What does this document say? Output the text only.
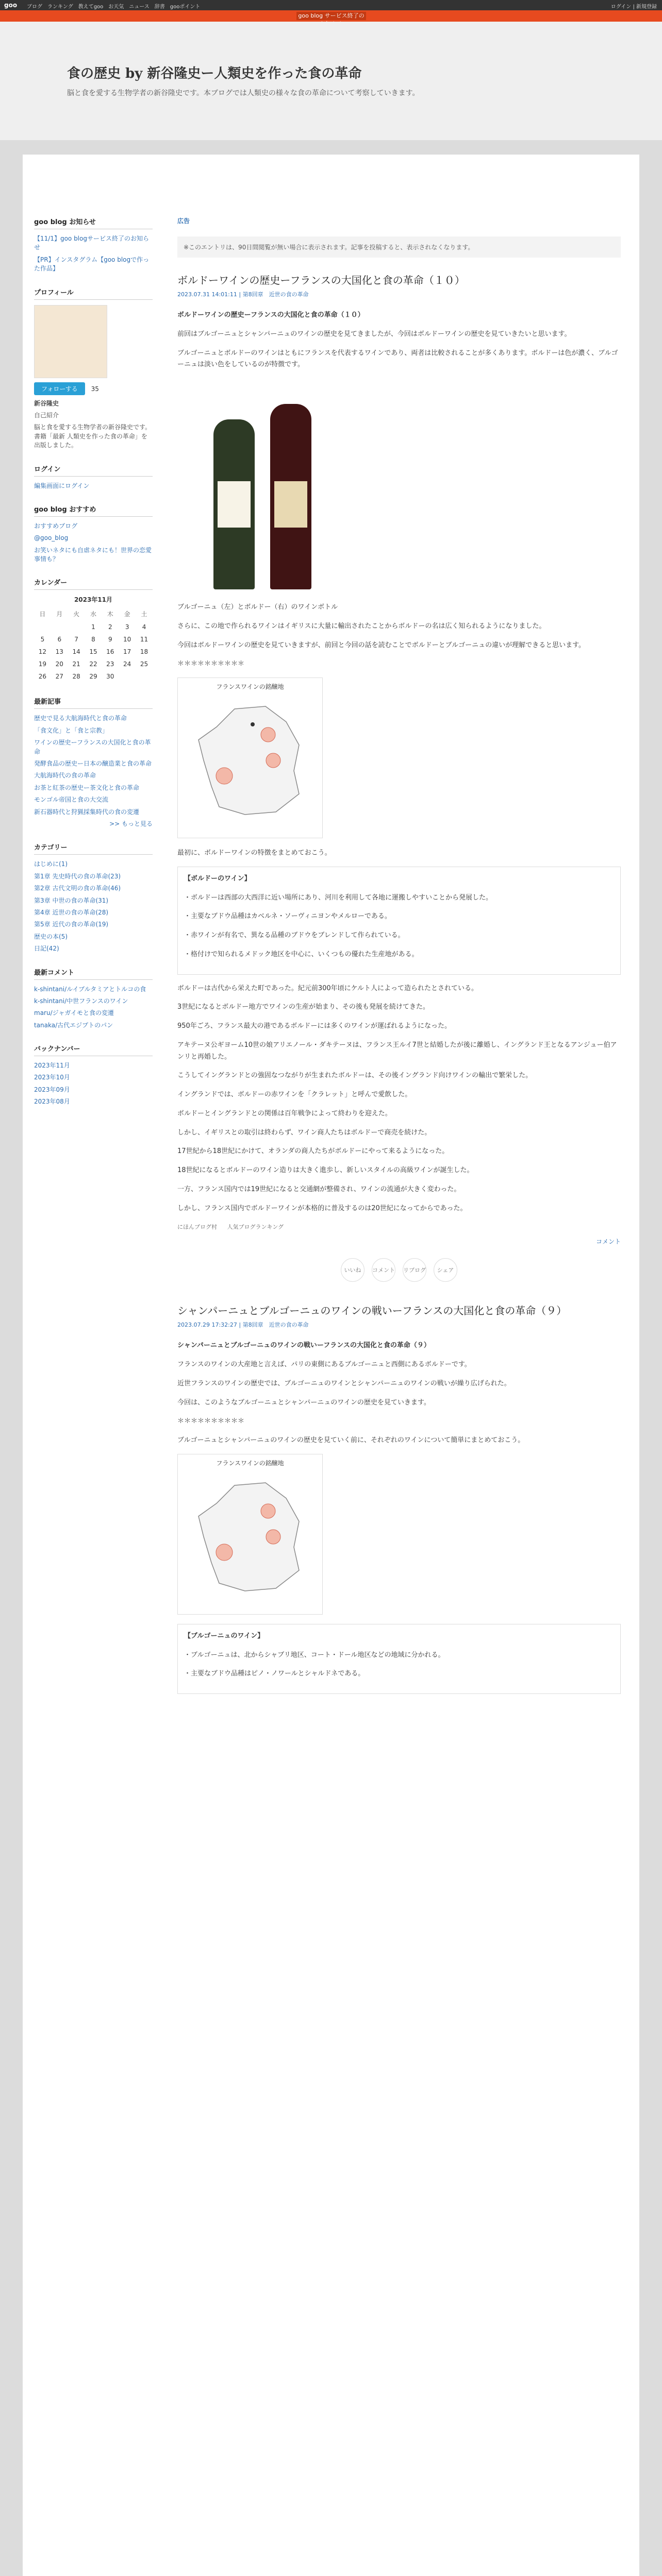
goo ブログ　ランキング　教えてgoo　お天気　ニュース　辞書　gooポイント	ログイン | 新規登録
goo blog サービス終了の
食の歴史 by 新谷隆史ー人類史を作った食の革命
脳と食を愛する生物学者の新谷隆史です。本ブログでは人類史の様々な食の革命について考察していきます。
goo blog お知らせ
【11/1】goo blogサービス終了のお知らせ
【PR】インスタグラム【goo blogで作った作品】
プロフィール
フォローする 35
新谷隆史
自己紹介
脳と食を愛する生物学者の新谷隆史です。書籍「最新 人類史を作った食の革命」を出版しました。
ログイン
編集画面にログイン
goo blog おすすめ
おすすめブログ
@goo_blog
お笑いネタにも自虐ネタにも！世界の恋愛事情も？
カレンダー
2023年11月
日	月	火	水	木	金	土
			1	2	3	4
5	6	7	8	9	10	11
12	13	14	15	16	17	18
19	20	21	22	23	24	25
26	27	28	29	30		
最新記事
歴史で見る大航海時代と食の革命
「食文化」と「食と宗教」
ワインの歴史ーフランスの大国化と食の革命
発酵食品の歴史ー日本の醸造業と食の革命
大航海時代の食の革命
お茶と紅茶の歴史ー茶文化と食の革命
モンゴル帝国と食の大交流
新石器時代と狩猟採集時代の食の変遷
>> もっと見る
カテゴリー
はじめに(1)
第1章 先史時代の食の革命(23)
第2章 古代文明の食の革命(46)
第3章 中世の食の革命(31)
第4章 近世の食の革命(28)
第5章 近代の食の革命(19)
歴史の本(5)
日記(42)
最新コメント
k-shintani/ルイブルタミアとトルコの食
k-shintani/中世フランスのワイン
maru/ジャガイモと食の変遷
tanaka/古代エジプトのパン
バックナンバー
2023年11月
2023年10月
2023年09月
2023年08月
広告
※このエントリは、90日間閲覧が無い場合に表示されます。記事を投稿すると、表示されなくなります。
ボルドーワインの歴史ーフランスの大国化と食の革命（１０）
2023.07.31 14:01:11 | 第8回章　近世の食の革命

ボルドーワインの歴史ーフランスの大国化と食の革命（１０）

前回はブルゴーニュとシャンパーニュのワインの歴史を見てきましたが、今回はボルドーワインの歴史を見ていきたいと思います。

ブルゴーニュとボルドーのワインはともにフランスを代表するワインであり、両者は比較されることが多くあります。ボルドーは色が濃く、ブルゴーニュは淡い色をしているのが特徴です。

ブルゴーニュ（左）とボルドー（右）のワインボトル

さらに、この地で作られるワインはイギリスに大量に輸出されたことからボルドーの名は広く知られるようになりました。

今回はボルドーワインの歴史を見ていきますが、前回と今回の話を読むことでボルドーとブルゴーニュの違いが理解できると思います。

＊＊＊＊＊＊＊＊＊＊

フランスワインの銘醸地

最初に、ボルドーワインの特徴をまとめておこう。

【ボルドーのワイン】

・ボルドーは西部の大西洋に近い場所にあり、河川を利用して各地に運搬しやすいことから発展した。

・主要なブドウ品種はカベルネ・ソーヴィニヨンやメルローである。

・赤ワインが有名で、異なる品種のブドウをブレンドして作られている。

・格付けで知られるメドック地区を中心に、いくつもの優れた生産地がある。

ボルドーは古代から栄えた町であった。紀元前300年頃にケルト人によって造られたとされている。

3世紀になるとボルドー地方でワインの生産が始まり、その後も発展を続けてきた。

950年ごろ、フランス最大の港であるボルドーには多くのワインが運ばれるようになった。

アキテーヌ公ギヨーム10世の娘アリエノール・ダキテーヌは、フランス王ルイ7世と結婚したが後に離婚し、イングランド王となるアンジュー伯アンリと再婚した。

こうしてイングランドとの強固なつながりが生まれたボルドーは、その後イングランド向けワインの輸出で繁栄した。

イングランドでは、ボルドーの赤ワインを「クラレット」と呼んで愛飲した。

ボルドーとイングランドとの関係は百年戦争によって終わりを迎えた。

しかし、イギリスとの取引は終わらず、ワイン商人たちはボルドーで商売を続けた。

17世紀から18世紀にかけて、オランダの商人たちがボルドーにやって来るようになった。

18世紀になるとボルドーのワイン造りは大きく進歩し、新しいスタイルの高級ワインが誕生した。

一方、フランス国内では19世紀になると交通網が整備され、ワインの流通が大きく変わった。

しかし、フランス国内でボルドーワインが本格的に普及するのは20世紀になってからであった。

にほんブログ村 人気ブログランキング
コメント
いいね	コメント リブログ	シェア
シャンパーニュとブルゴーニュのワインの戦いーフランスの大国化と食の革命（９）
2023.07.29 17:32:27 | 第8回章　近世の食の革命

シャンパーニュとブルゴーニュのワインの戦いーフランスの大国化と食の革命（９）

フランスのワインの大産地と言えば、パリの東側にあるブルゴーニュと西側にあるボルドーです。

近世フランスのワインの歴史では、ブルゴーニュのワインとシャンパーニュのワインの戦いが繰り広げられた。

今回は、このようなブルゴーニュとシャンパーニュのワインの歴史を見ていきます。

＊＊＊＊＊＊＊＊＊＊

ブルゴーニュとシャンパーニュのワインの歴史を見ていく前に、それぞれのワインについて簡単にまとめておこう。

フランスワインの銘醸地

【ブルゴーニュのワイン】

・ブルゴーニュは、北からシャブリ地区、コート・ドール地区などの地域に分かれる。

・主要なブドウ品種はピノ・ノワールとシャルドネである。
